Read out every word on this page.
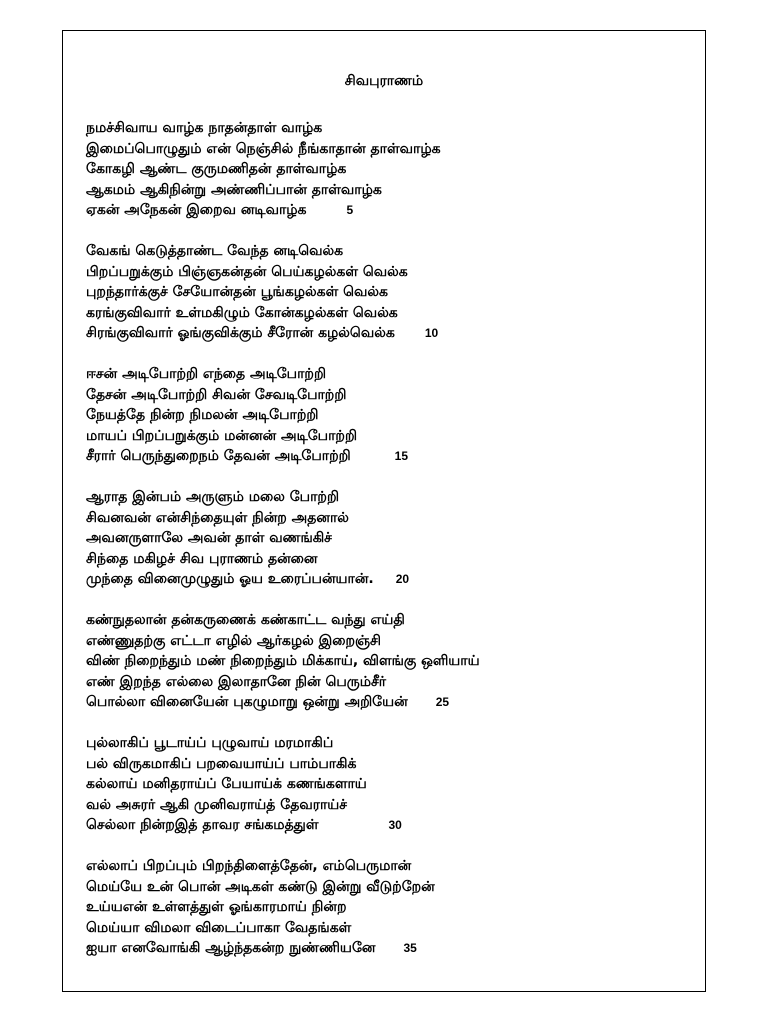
சிவபுராணம்
நமச்சிவாய வாழ்க நாதன்தாள் வாழ்க
இமைப்பொழுதும் என் நெஞ்சில் நீங்காதான் தாள்வாழ்க
கோகழி ஆண்ட குருமணிதன் தாள்வாழ்க
ஆகமம் ஆகிநின்று அண்ணிப்பான் தாள்வாழ்க
ஏகன் அநேகன் இறைவ னடிவாழ்க	5
வேகங் கெடுத்தாண்ட வேந்த னடிவெல்க
பிறப்பறுக்கும் பிஞ்ஞகன்தன் பெய்கழல்கள் வெல்க
புறந்தார்க்குச் சேயோன்தன் பூங்கழல்கள் வெல்க
கரங்குவிவார் உள்மகிழும் கோன்கழல்கள் வெல்க
சிரங்குவிவார் ஓங்குவிக்கும் சீரோன் கழல்வெல்க	10
ஈசன் அடிபோற்றி எந்தை அடிபோற்றி
தேசன் அடிபோற்றி சிவன் சேவடிபோற்றி
நேயத்தே நின்ற நிமலன் அடிபோற்றி
மாயப் பிறப்பறுக்கும் மன்னன் அடிபோற்றி
சீரார் பெருந்துறைநம் தேவன் அடிபோற்றி	15
ஆராத இன்பம் அருளும் மலை போற்றி
சிவனவன் என்சிந்தையுள் நின்ற அதனால்
அவனருளாலே அவன் தாள் வணங்கிச்
சிந்தை மகிழச் சிவ புராணம் தன்னை
முந்தை வினைமுழுதும் ஓய உரைப்பன்யான். 20
கண்நுதலான் தன்கருணைக் கண்காட்ட வந்து எய்தி
எண்ணுதற்கு எட்டா எழில் ஆர்கழல் இறைஞ்சி
விண் நிறைந்தும் மண் நிறைந்தும் மிக்காய், விளங்கு ஒளியாய்
எண் இறந்த எல்லை இலாதானே நின் பெரும்சீர்
பொல்லா வினையேன் புகழுமாறு ஒன்று அறியேன் 25
புல்லாகிப் பூடாய்ப் புழுவாய் மரமாகிப்
பல் விருகமாகிப் பறவையாய்ப் பாம்பாகிக்
கல்லாய் மனிதராய்ப் பேயாய்க் கணங்களாய்
வல் அசுரர் ஆகி முனிவராய்த் தேவராய்ச்
செல்லா நின்றஇத் தாவர சங்கமத்துள்	30
எல்லாப் பிறப்பும் பிறந்திளைத்தேன், எம்பெருமான்
மெய்யே உன் பொன் அடிகள் கண்டு இன்று வீடுற்றேன்
உய்யஎன் உள்ளத்துள் ஓங்காரமாய் நின்ற
மெய்யா விமலா விடைப்பாகா வேதங்கள்
ஐயா எனவோங்கி ஆழ்ந்தகன்ற நுண்ணியனே 35
